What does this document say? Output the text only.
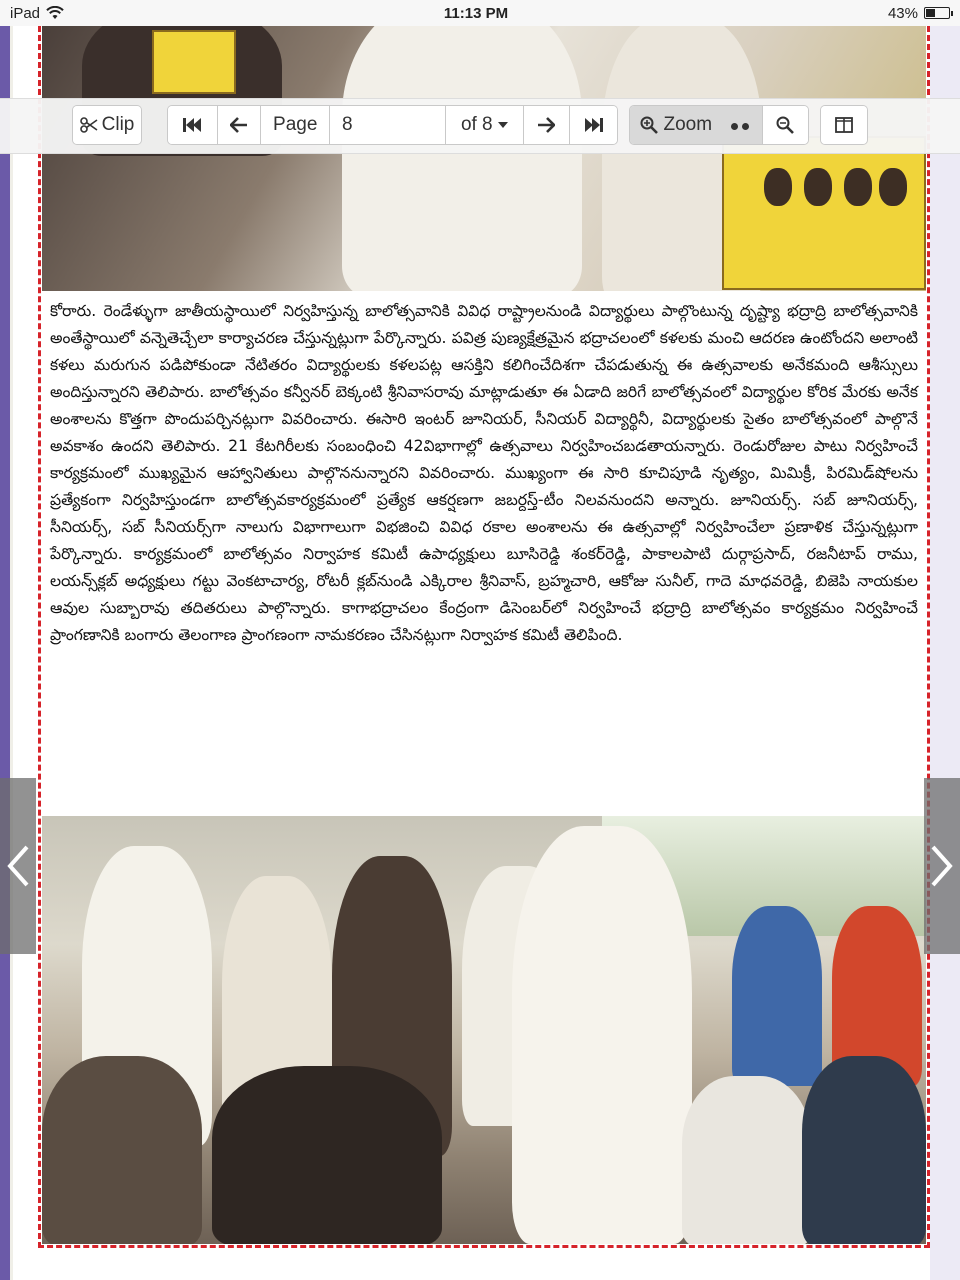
iPad	11:13 PM	43%
కోరారు. రెండేళ్ళుగా జాతీయస్థాయిలో నిర్వహిస్తున్న బాలోత్సవానికి వివిధ రాష్ట్రాలనుండి విద్యార్థులు పాల్గొంటున్న దృష్ట్యా భద్రాద్రి బాలోత్సవానికి అంతేస్థాయిలో వన్నెతెచ్చేలా కార్యాచరణ చేస్తున్నట్లుగా పేర్కొన్నారు. పవిత్ర పుణ్యక్షేత్రమైన భద్రాచలంలో కళలకు మంచి ఆదరణ ఉంటోందని అలాంటి కళలు మరుగున పడిపోకుండా నేటితరం విద్యార్థులకు కళలపట్ల ఆసక్తిని కలిగించేదిశగా చేపడుతున్న ఈ ఉత్సవాలకు అనేకమంది ఆశీస్సులు అందిస్తున్నారని తెలిపారు. బాలోత్సవం కన్వీనర్ బెక్కంటి శ్రీనివాసరావు మాట్లాడుతూ ఈ ఏడాది జరిగే బాలోత్సవంలో విద్యార్థుల కోరిక మేరకు అనేక అంశాలను కొత్తగా పొందుపర్చినట్లుగా వివరించారు. ఈసారి ఇంటర్ జూనియర్, సీనియర్ విద్యార్థినీ, విద్యార్థులకు సైతం బాలోత్సవంలో పాల్గొనే అవకాశం ఉందని తెలిపారు. 21 కేటగిరీలకు సంబంధించి 42విభాగాల్లో ఉత్సవాలు నిర్వహించబడతాయన్నారు. రెండురోజుల పాటు నిర్వహించే కార్యక్రమంలో ముఖ్యమైన ఆహ్వానితులు పాల్గొననున్నారని వివరించారు. ముఖ్యంగా ఈ సారి కూచిపూడి నృత్యం, మిమిక్రీ, పిరమిడ్‌షోలను ప్రత్యేకంగా నిర్వహిస్తుండగా బాలోత్సవకార్యక్రమంలో ప్రత్యేక ఆకర్షణగా జబర్దస్త్-టీం నిలవనుందని అన్నారు. జూనియర్స్. సబ్ జూనియర్స్, సీనియర్స్, సబ్ సీనియర్స్‌గా నాలుగు విభాగాలుగా విభజించి వివిధ రకాల అంశాలను ఈ ఉత్సవాల్లో నిర్వహించేలా ప్రణాళిక చేస్తున్నట్లుగా పేర్కొన్నారు. కార్యక్రమంలో బాలోత్సవం నిర్వాహక కమిటీ ఉపాధ్యక్షులు బూసిరెడ్డి శంకర్‌రెడ్డి, పాకాలపాటి దుర్గాప్రసాద్, రజనీటాప్ రాము, లయన్స్‌క్లబ్ అధ్యక్షులు గట్టు వెంకటాచార్య, రోటరీ క్లబ్‌నుండి ఎక్కిరాల శ్రీనివాస్, బ్రహ్మచారి, ఆకోజు సునీల్, గాదె మాధవరెడ్డి, బిజెపి నాయకుల ఆవుల సుబ్బారావు తదితరులు పాల్గొన్నారు. కాగాభద్రాచలం కేంద్రంగా డిసెంబర్‌లో నిర్వహించే భద్రాద్రి బాలోత్సవం కార్యక్రమం నిర్వహించే ప్రాంగణానికి బంగారు తెలంగాణ ప్రాంగణంగా నామకరణం చేసినట్లుగా నిర్వాహక కమిటీ తెలిపింది.
Clip	Page
8	of 8	Zoom
